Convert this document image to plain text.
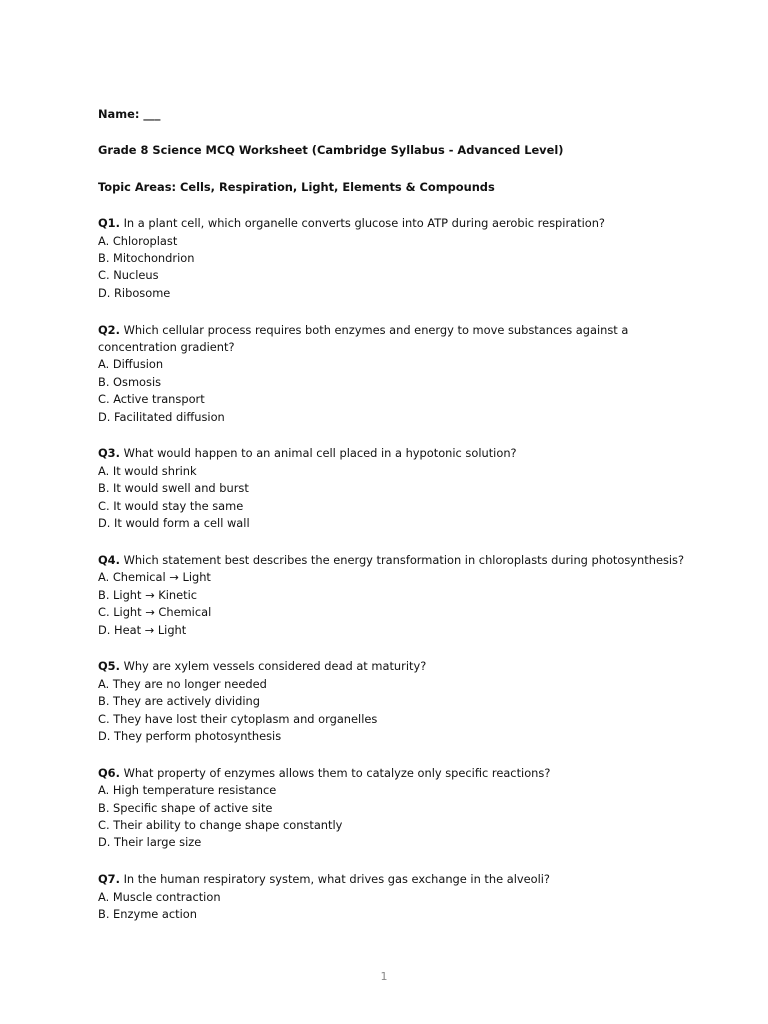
Name: ___

Grade 8 Science MCQ Worksheet (Cambridge Syllabus - Advanced Level)

Topic Areas: Cells, Respiration, Light, Elements & Compounds

Q1. In a plant cell, which organelle converts glucose into ATP during aerobic respiration?

A. Chloroplast

B. Mitochondrion

C. Nucleus

D. Ribosome

Q2. Which cellular process requires both enzymes and energy to move substances against a concentration gradient?

A. Diffusion

B. Osmosis

C. Active transport

D. Facilitated diffusion

Q3. What would happen to an animal cell placed in a hypotonic solution?

A. It would shrink

B. It would swell and burst

C. It would stay the same

D. It would form a cell wall

Q4. Which statement best describes the energy transformation in chloroplasts during photosynthesis?

A. Chemical → Light

B. Light → Kinetic

C. Light → Chemical

D. Heat → Light

Q5. Why are xylem vessels considered dead at maturity?

A. They are no longer needed

B. They are actively dividing

C. They have lost their cytoplasm and organelles

D. They perform photosynthesis

Q6. What property of enzymes allows them to catalyze only specific reactions?

A. High temperature resistance

B. Specific shape of active site

C. Their ability to change shape constantly

D. Their large size

Q7. In the human respiratory system, what drives gas exchange in the alveoli?

A. Muscle contraction

B. Enzyme action

1
